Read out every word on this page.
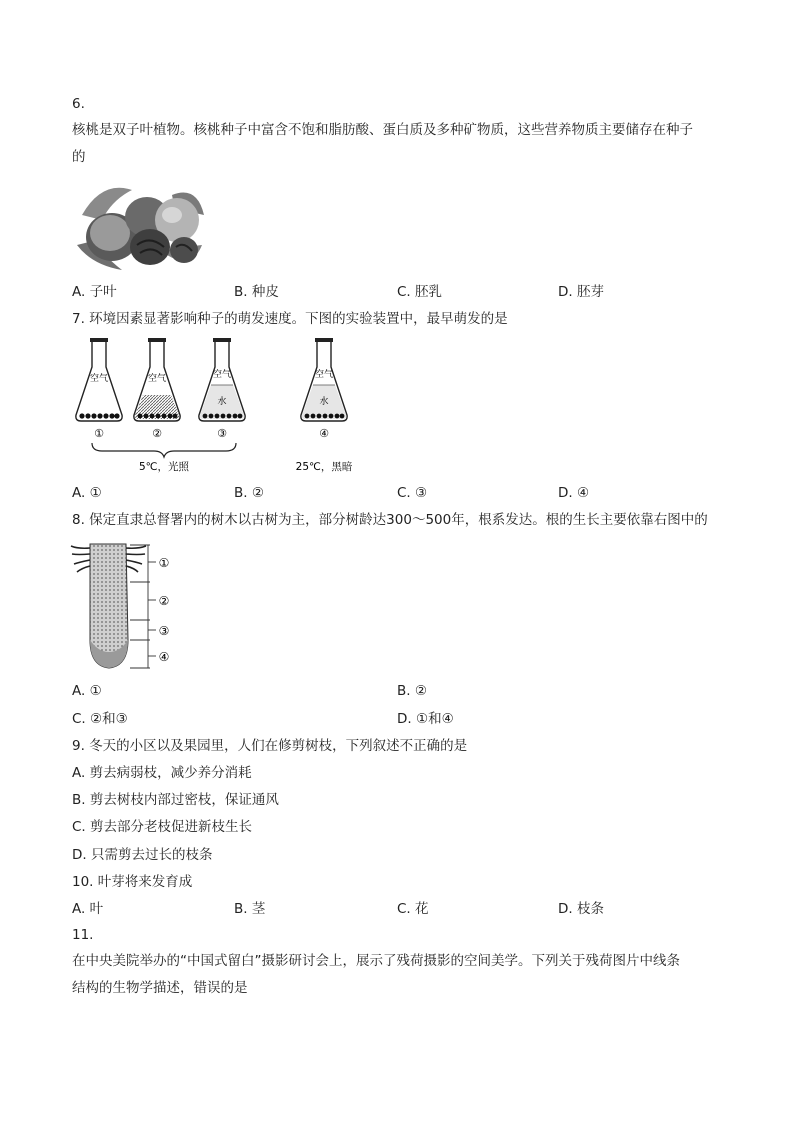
6.
核桃是双子叶植物。核桃种子中富含不饱和脂肪酸、蛋白质及多种矿物质，这些营养物质主要储存在种子
的
A. 子叶	B. 种皮	C. 胚乳	D. 胚芽
7. 环境因素显著影响种子的萌发速度。下图的实验装置中，最早萌发的是
空气
①
空气
②
空气
水
③
空气
水
④
5℃，光照	25℃，黑暗
A. ①	B. ②	C. ③	D. ④
8. 保定直隶总督署内的树木以古树为主，部分树龄达300～500年，根系发达。根的生长主要依靠右图中的
①
②
③
④
A. ①	B. ②
C. ②和③	D. ①和④
9. 冬天的小区以及果园里，人们在修剪树枝，下列叙述不正确的是
A. 剪去病弱枝，减少养分消耗
B. 剪去树枝内部过密枝，保证通风
C. 剪去部分老枝促进新枝生长
D. 只需剪去过长的枝条
10. 叶芽将来发育成
A. 叶	B. 茎	C. 花	D. 枝条
11.
在中央美院举办的“中国式留白”摄影研讨会上，展示了残荷摄影的空间美学。下列关于残荷图片中线条
结构的生物学描述，错误的是
